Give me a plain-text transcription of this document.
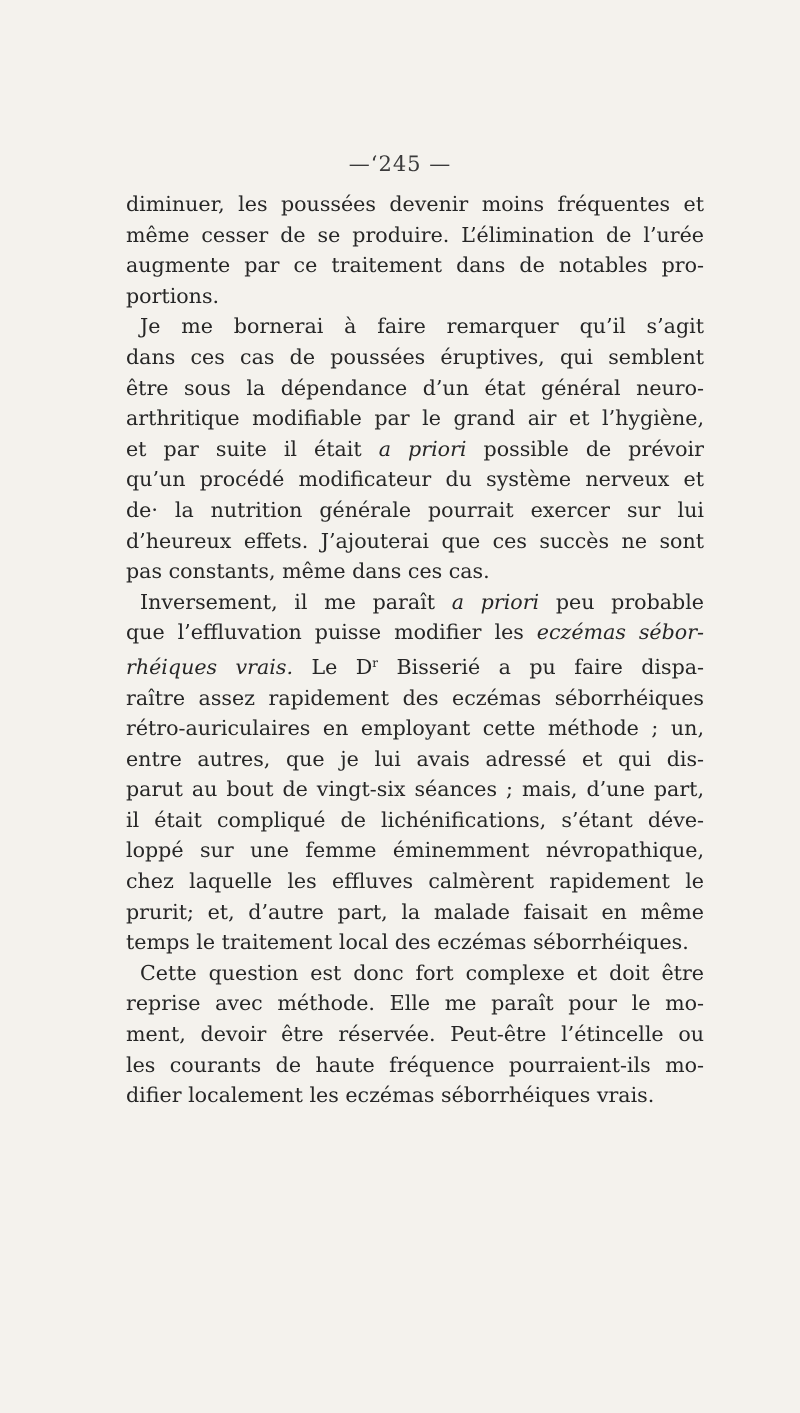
—‘245 —
diminuer, les poussées devenir moins fréquentes et
même cesser de se produire. L’élimination de l’urée
augmente par ce traitement dans de notables pro-
portions.
Je me bornerai à faire remarquer qu’il s’agit
dans ces cas de poussées éruptives, qui semblent
être sous la dépendance d’un état général neuro-
arthritique modifiable par le grand air et l’hygiène,
et par suite il était a priori possible de prévoir
qu’un procédé modificateur du système nerveux et
de· la nutrition générale pourrait exercer sur lui
d’heureux effets. J’ajouterai que ces succès ne sont
pas constants, même dans ces cas.
Inversement, il me paraît a priori peu probable
que l’effluvation puisse modifier les eczémas sébor-
rhéiques vrais. Le $D^r$ Bisserié a pu faire dispa-
raître assez rapidement des eczémas séborrhéiques
rétro-auriculaires en employant cette méthode ; un,
entre autres, que je lui avais adressé et qui dis-
parut au bout de vingt-six séances ; mais, d’une part,
il était compliqué de lichénifications, s’étant déve-
loppé sur une femme éminemment névropathique,
chez laquelle les effluves calmèrent rapidement le
prurit; et, d’autre part, la malade faisait en même
temps le traitement local des eczémas séborrhéiques.
Cette question est donc fort complexe et doit être
reprise avec méthode. Elle me paraît pour le mo-
ment, devoir être réservée. Peut-être l’étincelle ou
les courants de haute fréquence pourraient-ils mo-
difier localement les eczémas séborrhéiques vrais.
